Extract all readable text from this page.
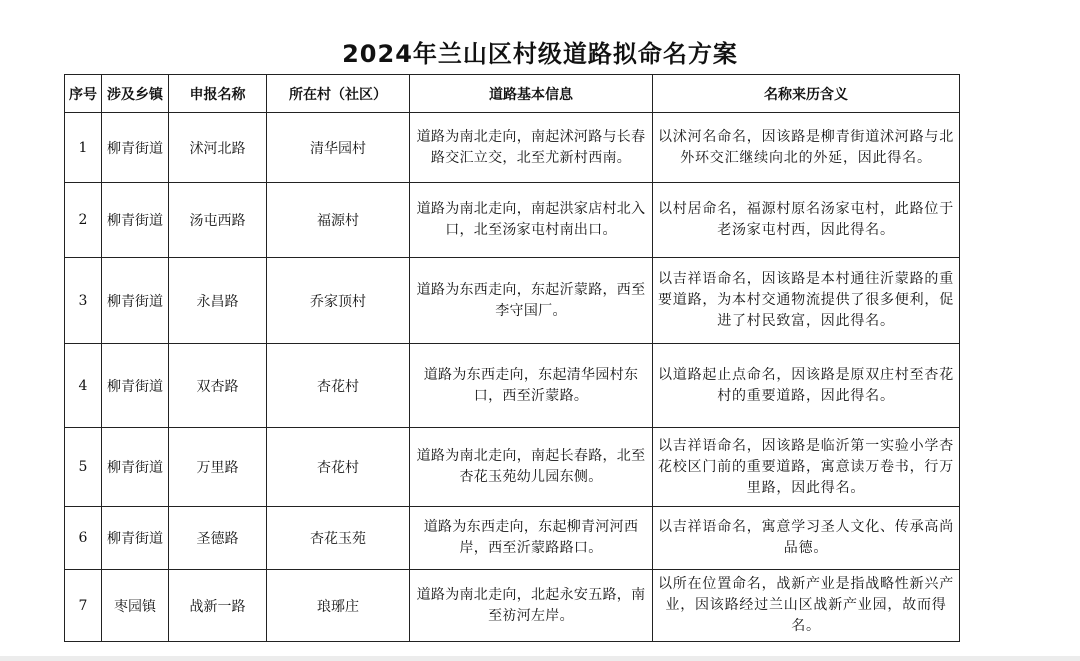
2024年兰山区村级道路拟命名方案
序号	涉及乡镇	申报名称	所在村（社区）	道路基本信息	名称来历含义
1	柳青街道	沭河北路	清华园村	道路为南北走向，南起沭河路与长春路交汇立交，北至尤新村西南。	以沭河名命名，因该路是柳青街道沭河路与北外环交汇继续向北的外延，因此得名。
2	柳青街道	汤屯西路	福源村	道路为南北走向，南起洪家店村北入口，北至汤家屯村南出口。	以村居命名，福源村原名汤家屯村，此路位于老汤家屯村西，因此得名。
3	柳青街道	永昌路	乔家顶村	道路为东西走向，东起沂蒙路，西至李守国厂。	以吉祥语命名，因该路是本村通往沂蒙路的重要道路，为本村交通物流提供了很多便利，促进了村民致富，因此得名。
4	柳青街道	双杏路	杏花村	道路为东西走向，东起清华园村东口，西至沂蒙路。	以道路起止点命名，因该路是原双庄村至杏花村的重要道路，因此得名。
5	柳青街道	万里路	杏花村	道路为南北走向，南起长春路，北至杏花玉苑幼儿园东侧。	以吉祥语命名，因该路是临沂第一实验小学杏花校区门前的重要道路，寓意读万卷书，行万里路，因此得名。
6	柳青街道	圣德路	杏花玉苑	道路为东西走向，东起柳青河河西岸，西至沂蒙路路口。	以吉祥语命名，寓意学习圣人文化、传承高尚品德。
7	枣园镇	战新一路	琅琊庄	道路为南北走向，北起永安五路，南至祊河左岸。	以所在位置命名，战新产业是指战略性新兴产业，因该路经过兰山区战新产业园，故而得名。
